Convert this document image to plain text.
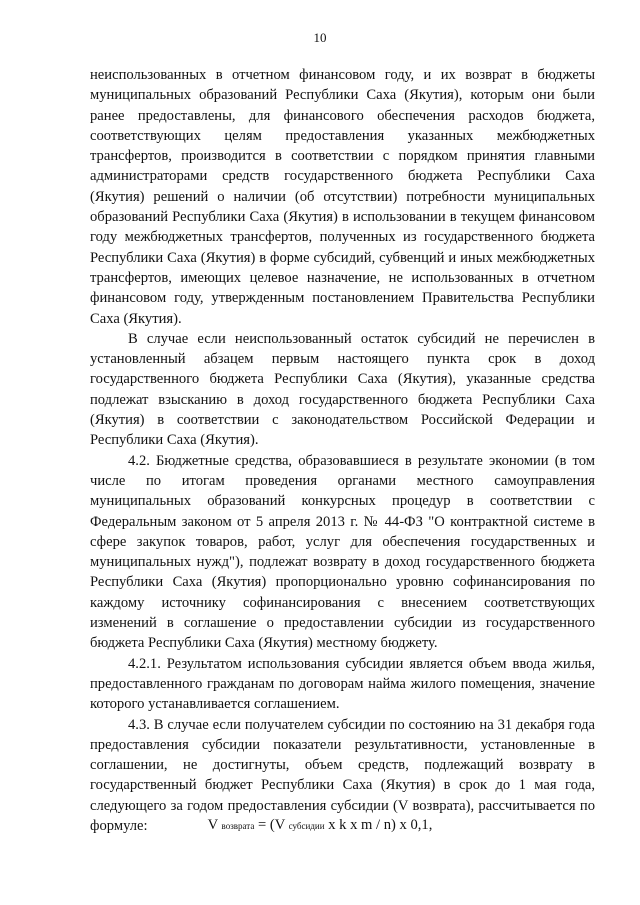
10

неиспользованных в отчетном финансовом году, и их возврат в бюджеты муниципальных образований Республики Саха (Якутия), которым они были ранее предоставлены, для финансового обеспечения расходов бюджета, соответствующих целям предоставления указанных межбюджетных трансфертов, производится в соответствии с порядком принятия главными администраторами средств государственного бюджета Республики Саха (Якутия) решений о наличии (об отсутствии) потребности муниципальных образований Республики Саха (Якутия) в использовании в текущем финансовом году межбюджетных трансфертов, полученных из государственного бюджета Республики Саха (Якутия) в форме субсидий, субвенций и иных межбюджетных трансфертов, имеющих целевое назначение, не использованных в отчетном финансовом году, утвержденным постановлением Правительства Республики Саха (Якутия).

В случае если неиспользованный остаток субсидий не перечислен в установленный абзацем первым настоящего пункта срок в доход государственного бюджета Республики Саха (Якутия), указанные средства подлежат взысканию в доход государственного бюджета Республики Саха (Якутия) в соответствии с законодательством Российской Федерации и Республики Саха (Якутия).

4.2. Бюджетные средства, образовавшиеся в результате экономии (в том числе по итогам проведения органами местного самоуправления муниципальных образований конкурсных процедур в соответствии с Федеральным законом от 5 апреля 2013 г. № 44-ФЗ "О контрактной системе в сфере закупок товаров, работ, услуг для обеспечения государственных и муниципальных нужд"), подлежат возврату в доход государственного бюджета Республики Саха (Якутия) пропорционально уровню софинансирования по каждому источнику софинансирования с внесением соответствующих изменений в соглашение о предоставлении субсидии из государственного бюджета Республики Саха (Якутия) местному бюджету.

4.2.1. Результатом использования субсидии является объем ввода жилья, предоставленного гражданам по договорам найма жилого помещения, значение которого устанавливается соглашением.

4.3. В случае если получателем субсидии по состоянию на 31 декабря года предоставления субсидии показатели результативности, установленные в соглашении, не достигнуты, объем средств, подлежащий возврату в государственный бюджет Республики Саха (Якутия) в срок до 1 мая года, следующего за годом предоставления субсидии (V возврата), рассчитывается по формуле:	V возврата = (V субсидии x k x m / n) x 0,1,
